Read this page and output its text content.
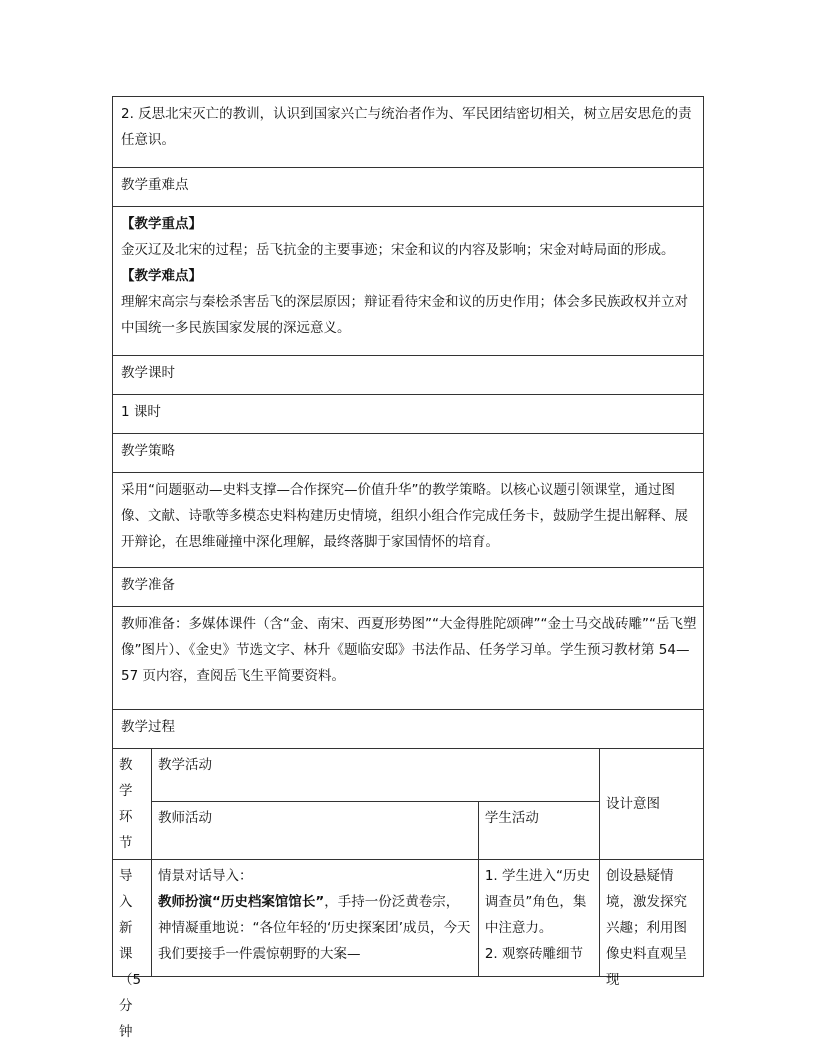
2. 反思北宋灭亡的教训，认识到国家兴亡与统治者作为、军民团结密切相关，树立居安思危的责任意识。
教学重难点

【教学重点】
金灭辽及北宋的过程；岳飞抗金的主要事迹；宋金和议的内容及影响；宋金对峙局面的形成。
【教学难点】
理解宋高宗与秦桧杀害岳飞的深层原因；辩证看待宋金和议的历史作用；体会多民族政权并立对中国统一多民族国家发展的深远意义。

教学课时
1 课时
教学策略
采用“问题驱动—史料支撑—合作探究—价值升华”的教学策略。以核心议题引领课堂，通过图像、文献、诗歌等多模态史料构建历史情境，组织小组合作完成任务卡，鼓励学生提出解释、展开辩论，在思维碰撞中深化理解，最终落脚于家国情怀的培育。
教学准备
教师准备：多媒体课件（含“金、南宋、西夏形势图”“大金得胜陀颂碑”“金士马交战砖雕”“岳飞塑像”图片）、《金史》节选文字、林升《题临安邸》书法作品、任务学习单。学生预习教材第 54—57 页内容，查阅岳飞生平简要资料。
教学过程
教学环节	教学活动		设计意图
	教师活动	学生活动	

导入新课（5 分钟	情景对话导入：
教师扮演“历史档案馆馆长”，手持一份泛黄卷宗，神情凝重地说：“各位年轻的‘历史探案团’成员，今天我们要接手一件震惊朝野的大案—	1. 学生进入“历史调查员”角色，集中注意力。
2. 观察砖雕细节	创设悬疑情境，激发探究兴趣；利用图像史料直观呈现
